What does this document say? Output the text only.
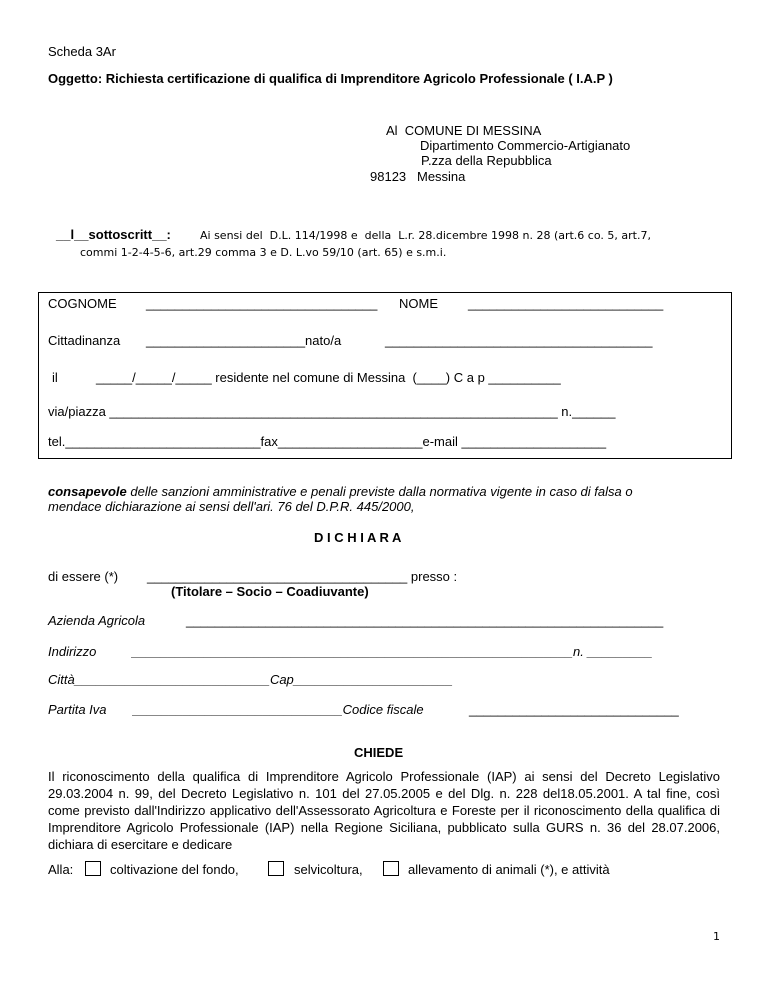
Scheda 3Ar
Oggetto: Richiesta certificazione di qualifica di Imprenditore Agricolo Professionale ( I.A.P )
Al  COMUNE DI MESSINA
Dipartimento Commercio-Artigianato
P.zza della Repubblica
98123   Messina
__l__sottoscritt__:	Ai sensi del  D.L. 114/1998 e  della  L.r. 28.dicembre 1998 n. 28 (art.6 co. 5, art.7,
commi 1-2-4-5-6, art.29 comma 3 e D. L.vo 59/10 (art. 65) e s.m.i.
COGNOME ________________________________ NOME ___________________________
Cittadinanza ______________________nato/a	_____________________________________
il	_____/_____/_____ residente nel comune di Messina  (____) C a p __________
via/piazza ______________________________________________________________ n.______
tel.___________________________fax____________________e-mail ____________________
consapevole delle sanzioni amministrative e penali previste dalla normativa vigente in caso di falsa o
mendace dichiarazione ai sensi dell'ari. 76 del D.P.R. 445/2000,
D I C H I A R A
di essere (*) ____________________________________ presso :
(Titolare – Socio – Coadiuvante)
Azienda Agricola	__________________________________________________________________
Indirizzo	_____________________________________________________________n. _________
Città___________________________Cap______________________
Partita Iva _____________________________Codice fiscale	_____________________________
CHIEDE
Il riconoscimento della qualifica di Imprenditore Agricolo Professionale (IAP) ai sensi del Decreto Legislativo 29.03.2004 n. 99, del Decreto Legislativo n. 101 del 27.05.2005 e del Dlg. n. 228 del18.05.2001. A tal fine, così come previsto dall'Indirizzo applicativo dell'Assessorato Agricoltura e Foreste per il riconoscimento della qualifica di Imprenditore Agricolo Professionale (IAP) nella Regione Siciliana, pubblicato sulla GURS n. 36 del 28.07.2006, dichiara di esercitare e dedicare
Alla:	coltivazione del fondo,	selvicoltura,	allevamento di animali (*), e attività
1
